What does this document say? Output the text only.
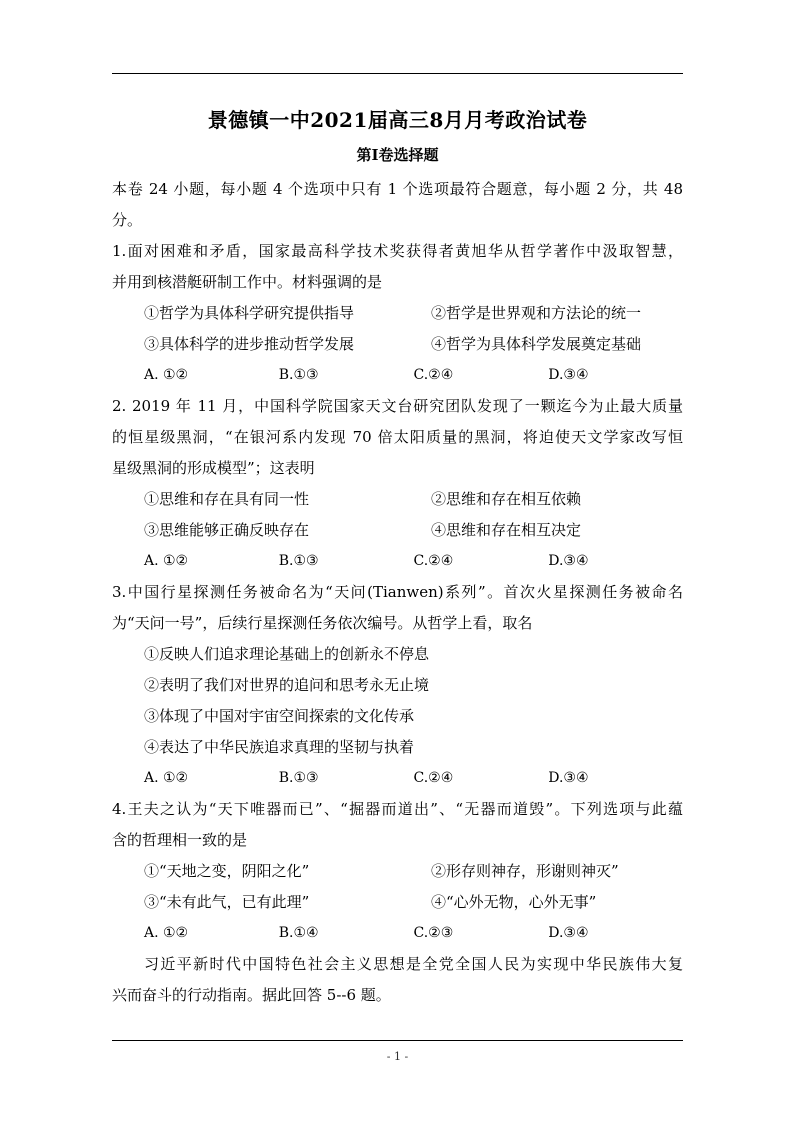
景德镇一中2021届高三8月月考政治试卷
第I卷选择题
本卷 24 小题，每小题 4 个选项中只有 1 个选项最符合题意，每小题 2 分，共 48
分。
1.面对困难和矛盾，国家最高科学技术奖获得者黄旭华从哲学著作中汲取智慧，
并用到核潜艇研制工作中。材料强调的是
①哲学为具体科学研究提供指导	②哲学是世界观和方法论的统一
③具体科学的进步推动哲学发展	④哲学为具体科学发展奠定基础
A. ①②	B.①③	C.②④	D.③④
2. 2019 年 11 月，中国科学院国家天文台研究团队发现了一颗迄今为止最大质量
的恒星级黑洞，“在银河系内发现 70 倍太阳质量的黑洞，将迫使天文学家改写恒
星级黑洞的形成模型”；这表明
①思维和存在具有同一性	②思维和存在相互依赖
③思维能够正确反映存在	④思维和存在相互决定
A. ①②	B.①③	C.②④	D.③④
3.中国行星探测任务被命名为“天问(Tianwen)系列”。首次火星探测任务被命名
为“天问一号”，后续行星探测任务依次编号。从哲学上看，取名
①反映人们追求理论基础上的创新永不停息
②表明了我们对世界的追问和思考永无止境
③体现了中国对宇宙空间探索的文化传承
④表达了中华民族追求真理的坚韧与执着
A. ①②	B.①③	C.②④	D.③④
4.王夫之认为“天下唯器而已”、“掘器而道出”、“无器而道毁”。下列选项与此蕴
含的哲理相一致的是
①“天地之变，阴阳之化”	②形存则神存，形谢则神灭”
③“未有此气，已有此理”	④“心外无物，心外无事”
A. ①②	B.①④	C.②③	D.③④
习近平新时代中国特色社会主义思想是全党全国人民为实现中华民族伟大复
兴而奋斗的行动指南。据此回答 5--6 题。
- 1 -
